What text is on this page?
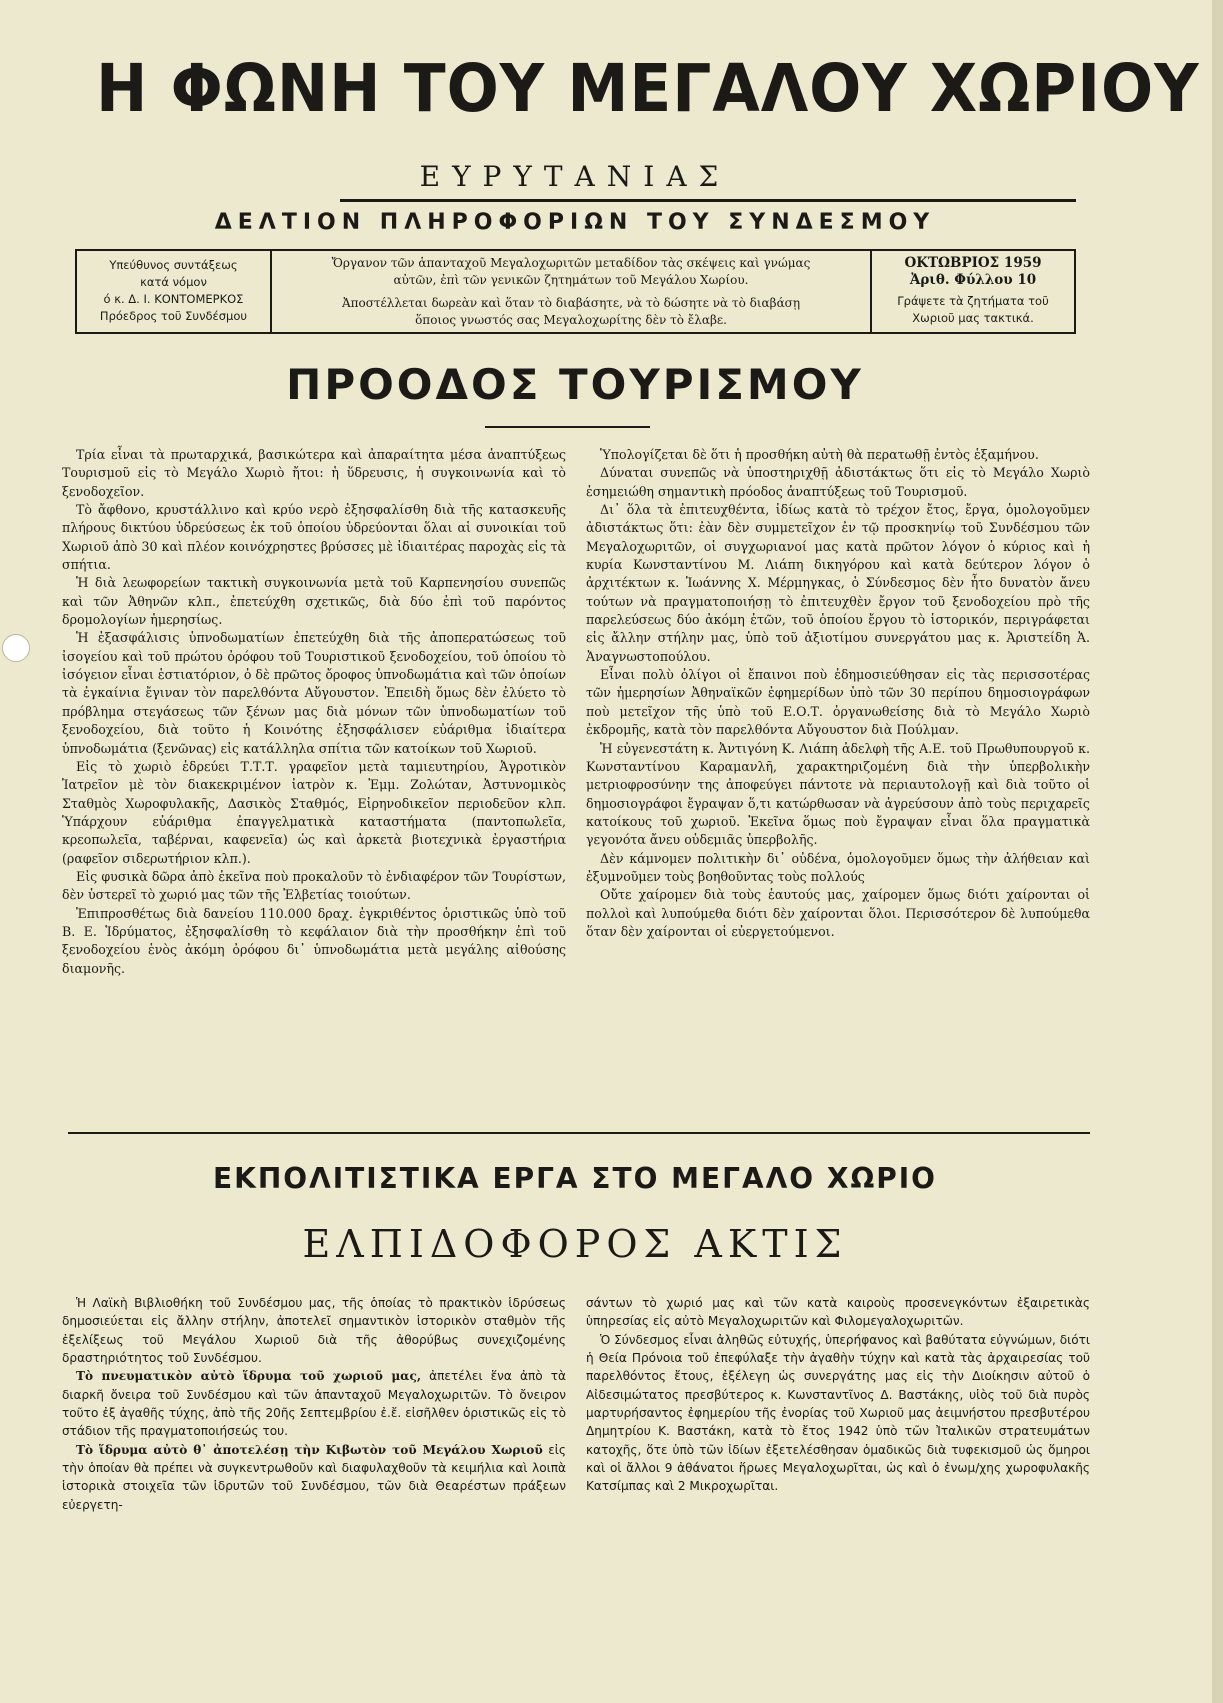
Η ΦΩΝΗ ΤΟΥ ΜΕΓΑΛΟΥ ΧΩΡΙΟΥ
ΕΥΡΥΤΑΝΙΑΣ
ΔΕΛΤΙΟΝ ΠΛΗΡΟΦΟΡΙΩΝ ΤΟΥ ΣΥΝΔΕΣΜΟΥ
Υπεύθυνος συντάξεως
κατά νόμον
ό κ. Δ. Ι. ΚΟΝΤΟΜΕΡΚΟΣ
Πρόεδρος τοῦ Συνδέσμου
Ὄργανον τῶν ἁπανταχοῦ Μεγαλοχωριτῶν μεταδίδον τὰς σκέψεις καὶ γνώμας
αὐτῶν, ἐπὶ τῶν γενικῶν ζητημάτων τοῦ Μεγάλου Χωρίου.
Ἀποστέλλεται δωρεὰν καὶ ὅταν τὸ διαβάσητε, νὰ τὸ δώσητε νὰ τὸ διαβάσῃ
ὅποιος γνωστός σας Μεγαλοχωρίτης δὲν τὸ ἔλαβε.
ΟΚΤΩΒΡΙΟΣ 1959
Ἀριθ. Φύλλου 10
Γράψετε τὰ ζητήματα τοῦ
Χωριοῦ μας τακτικά.
ΠΡΟΟΔΟΣ ΤΟΥΡΙΣΜΟΥ

Τρία εἶναι τὰ πρωταρχικά, βασικώτερα καὶ ἀπαραίτητα μέσα ἀναπτύξεως Τουρισμοῦ εἰς τὸ Μεγάλο Χωριὸ ἤτοι: ἡ ὕδρευσις, ἡ συγκοινωνία καὶ τὸ ξενοδοχεῖον.

Τὸ ἄφθονο, κρυστάλλινο καὶ κρύο νερὸ ἐξησφαλίσθη διὰ τῆς κατασκευῆς πλήρους δικτύου ὑδρεύσεως ἐκ τοῦ ὁποίου ὑδρεύονται ὅλαι αἱ συνοικίαι τοῦ Χωριοῦ ἀπὸ 30 καὶ πλέον κοινόχρηστες βρύσσες μὲ ἰδιαιτέρας παροχὰς εἰς τὰ σπήτια.

Ἡ διὰ λεωφορείων τακτικὴ συγκοινωνία μετὰ τοῦ Καρπενησίου συνεπῶς καὶ τῶν Ἀθηνῶν κλπ., ἐπετεύχθη σχετικῶς, διὰ δύο ἐπὶ τοῦ παρόντος δρομολογίων ἡμερησίως.

Ἡ ἐξασφάλισις ὑπνοδωματίων ἐπετεύχθη διὰ τῆς ἀποπερατώσεως τοῦ ἰσογείου καὶ τοῦ πρώτου ὀρόφου τοῦ Τουριστικοῦ ξενοδοχείου, τοῦ ὁποίου τὸ ἰσόγειον εἶναι ἑστιατόριον, ὁ δὲ πρῶτος ὄροφος ὑπνοδωμάτια καὶ τῶν ὁποίων τὰ ἐγκαίνια ἔγιναν τὸν παρελθόντα Αὔγουστον. Ἐπειδὴ ὅμως δὲν ἐλύετο τὸ πρόβλημα στεγάσεως τῶν ξένων μας διὰ μόνων τῶν ὑπνοδωματίων τοῦ ξενοδοχείου, διὰ τοῦτο ἡ Κοινότης ἐξησφάλισεν εὐάριθμα ἰδιαίτερα ὑπνοδωμάτια (ξενῶνας) εἰς κατάλληλα σπίτια τῶν κατοίκων τοῦ Χωριοῦ.

Εἰς τὸ χωριὸ ἑδρεύει Τ.Τ.Τ. γραφεῖον μετὰ ταμιευτηρίου, Ἀγροτικὸν Ἰατρεῖον μὲ τὸν διακεκριμένον ἰατρὸν κ. Ἐμμ. Ζολώταν, Ἀστυνομικὸς Σταθμὸς Χωροφυλακῆς, Δασικὸς Σταθμός, Εἰρηνοδικεῖον περιοδεῦον κλπ. Ὑπάρχουν εὐάριθμα ἐπαγγελματικὰ καταστήματα (παντοπωλεῖα, κρεοπωλεῖα, ταβέρναι, καφενεῖα) ὡς καὶ ἀρκετὰ βιοτεχνικὰ ἐργαστήρια (ραφεῖον σιδερωτήριον κλπ.).

Εἰς φυσικὰ δῶρα ἀπὸ ἐκεῖνα ποὺ προκαλοῦν τὸ ἐνδιαφέρον τῶν Τουρίστων, δὲν ὑστερεῖ τὸ χωριό μας τῶν τῆς Ἐλβετίας τοιούτων.

Ἐπιπροσθέτως διὰ δανείου 110.000 δραχ. ἐγκριθέντος ὁριστικῶς ὑπὸ τοῦ Β. Ε. Ἱδρύματος, ἐξησφαλίσθη τὸ κεφάλαιον διὰ τὴν προσθήκην ἐπὶ τοῦ ξενοδοχείου ἑνὸς ἀκόμη ὀρόφου δι᾽ ὑπνοδωμάτια μετὰ μεγάλης αἰθούσης διαμονῆς.

Ὑπολογίζεται δὲ ὅτι ἡ προσθήκη αὐτὴ θὰ περατωθῇ ἐντὸς ἑξαμήνου.

Δύναται συνεπῶς νὰ ὑποστηριχθῇ ἀδιστάκτως ὅτι εἰς τὸ Μεγάλο Χωριὸ ἐσημειώθη σημαντικὴ πρόοδος ἀναπτύξεως τοῦ Τουρισμοῦ.

Δι᾽ ὅλα τὰ ἐπιτευχθέντα, ἰδίως κατὰ τὸ τρέχον ἔτος, ἔργα, ὁμολογοῦμεν ἀδιστάκτως ὅτι: ἐὰν δὲν συμμετεῖχον ἐν τῷ προσκηνίῳ τοῦ Συνδέσμου τῶν Μεγαλοχωριτῶν, οἱ συγχωριανοί μας κατὰ πρῶτον λόγον ὁ κύριος καὶ ἡ κυρία Κωνσταντίνου Μ. Λιάπη δικηγόρου καὶ κατὰ δεύτερον λόγον ὁ ἀρχιτέκτων κ. Ἰωάννης Χ. Μέρμηγκας, ὁ Σύνδεσμος δὲν ἦτο δυνατὸν ἄνευ τούτων νὰ πραγματοποιήσῃ τὸ ἐπιτευχθὲν ἔργον τοῦ ξενοδοχείου πρὸ τῆς παρελεύσεως δύο ἀκόμη ἐτῶν, τοῦ ὁποίου ἔργου τὸ ἱστορικόν, περιγράφεται εἰς ἄλλην στήλην μας, ὑπὸ τοῦ ἀξιοτίμου συνεργάτου μας κ. Ἀριστείδη Ἀ. Ἀναγνωστοπούλου.

Εἶναι πολὺ ὀλίγοι οἱ ἔπαινοι ποὺ ἐδημοσιεύθησαν εἰς τὰς περισσοτέρας τῶν ἡμερησίων Ἀθηναϊκῶν ἐφημερίδων ὑπὸ τῶν 30 περίπου δημοσιογράφων ποὺ μετεῖχον τῆς ὑπὸ τοῦ Ε.Ο.Τ. ὀργανωθείσης διὰ τὸ Μεγάλο Χωριὸ ἐκδρομῆς, κατὰ τὸν παρελθόντα Αὔγουστον διὰ Πούλμαν.

Ἡ εὐγενεστάτη κ. Ἀντιγόνη Κ. Λιάπη ἀδελφὴ τῆς Α.Ε. τοῦ Πρωθυπουργοῦ κ. Κωνσταντίνου Καραμανλῆ, χαρακτηριζομένη διὰ τὴν ὑπερβολικὴν μετριοφροσύνην της ἀποφεύγει πάντοτε νὰ περιαυτολογῇ καὶ διὰ τοῦτο οἱ δημοσιογράφοι ἔγραψαν ὅ,τι κατώρθωσαν νὰ ἀγρεύσουν ἀπὸ τοὺς περιχαρεῖς κατοίκους τοῦ χωριοῦ. Ἐκεῖνα ὅμως ποὺ ἔγραψαν εἶναι ὅλα πραγματικὰ γεγονότα ἄνευ οὐδεμιᾶς ὑπερβολῆς.

Δὲν κάμνομεν πολιτικὴν δι᾽ οὐδένα, ὁμολογοῦμεν ὅμως τὴν ἀλήθειαν καὶ ἐξυμνοῦμεν τοὺς βοηθοῦντας τοὺς πολλούς

Οὔτε χαίρομεν διὰ τοὺς ἑαυτούς μας, χαίρομεν ὅμως διότι χαίρονται οἱ πολλοὶ καὶ λυπούμεθα διότι δὲν χαίρονται ὅλοι. Περισσότερον δὲ λυπούμεθα ὅταν δὲν χαίρονται οἱ εὐεργετούμενοι.

ΕΚΠΟΛΙΤΙΣΤΙΚΑ ΕΡΓΑ ΣΤΟ ΜΕΓΑΛΟ ΧΩΡΙΟ
ΕΛΠΙΔΟΦΟΡΟΣ ΑΚΤΙΣ

Ἡ Λαϊκὴ Βιβλιοθήκη τοῦ Συνδέσμου μας, τῆς ὁποίας τὸ πρακτικὸν ἱδρύσεως δημοσιεύεται εἰς ἄλλην στήλην, ἀποτελεῖ σημαντικὸν ἱστορικὸν σταθμὸν τῆς ἐξελίξεως τοῦ Μεγάλου Χωριοῦ διὰ τῆς ἀθορύβως συνεχιζομένης δραστηριότητος τοῦ Συνδέσμου.

Τὸ πνευματικὸν αὐτὸ ἵδρυμα τοῦ χωριοῦ μας, ἀπετέλει ἕνα ἀπὸ τὰ διαρκῆ ὄνειρα τοῦ Συνδέσμου καὶ τῶν ἁπανταχοῦ Μεγαλοχωριτῶν. Τὸ ὄνειρον τοῦτο ἐξ ἀγαθῆς τύχης, ἀπὸ τῆς 20ῆς Σεπτεμβρίου ἐ.ἔ. εἰσῆλθεν ὁριστικῶς εἰς τὸ στάδιον τῆς πραγματοποιήσεώς του.

Τὸ ἵδρυμα αὐτὸ θ᾽ ἀποτελέσῃ τὴν Κιβωτὸν τοῦ Μεγάλου Χωριοῦ εἰς τὴν ὁποίαν θὰ πρέπει νὰ συγκεντρωθοῦν καὶ διαφυλαχθοῦν τὰ κειμήλια καὶ λοιπὰ ἱστορικὰ στοιχεῖα τῶν ἱδρυτῶν τοῦ Συνδέσμου, τῶν διὰ Θεαρέστων πράξεων εὐεργετη-

σάντων τὸ χωριό μας καὶ τῶν κατὰ καιροὺς προσενεγκόντων ἐξαιρετικὰς ὑπηρεσίας εἰς αὐτὸ Μεγαλοχωριτῶν καὶ Φιλομεγαλοχωριτῶν.

Ὁ Σύνδεσμος εἶναι ἀληθῶς εὐτυχής, ὑπερήφανος καὶ βαθύτατα εὐγνώμων, διότι ἡ Θεία Πρόνοια τοῦ ἐπεφύλαξε τὴν ἀγαθὴν τύχην καὶ κατὰ τὰς ἀρχαιρεσίας τοῦ παρελθόντος ἔτους, ἐξέλεγη ὡς συνεργάτης μας εἰς τὴν Διοίκησιν αὐτοῦ ὁ Αἰδεσιμώτατος πρεσβύτερος κ. Κωνσταντῖνος Δ. Βαστάκης, υἱὸς τοῦ διὰ πυρὸς μαρτυρήσαντος ἐφημερίου τῆς ἐνορίας τοῦ Χωριοῦ μας ἀειμνήστου πρεσβυτέρου Δημητρίου Κ. Βαστάκη, κατὰ τὸ ἔτος 1942 ὑπὸ τῶν Ἰταλικῶν στρατευμάτων κατοχῆς, ὅτε ὑπὸ τῶν ἰδίων ἐξετελέσθησαν ὁμαδικῶς διὰ τυφεκισμοῦ ὡς ὅμηροι καὶ οἱ ἄλλοι 9 ἀθάνατοι ἥρωες Μεγαλοχωρῖται, ὡς καὶ ὁ ἐνωμ/χης χωροφυλακῆς Κατσίμπας καὶ 2 Μικροχωρῖται.
